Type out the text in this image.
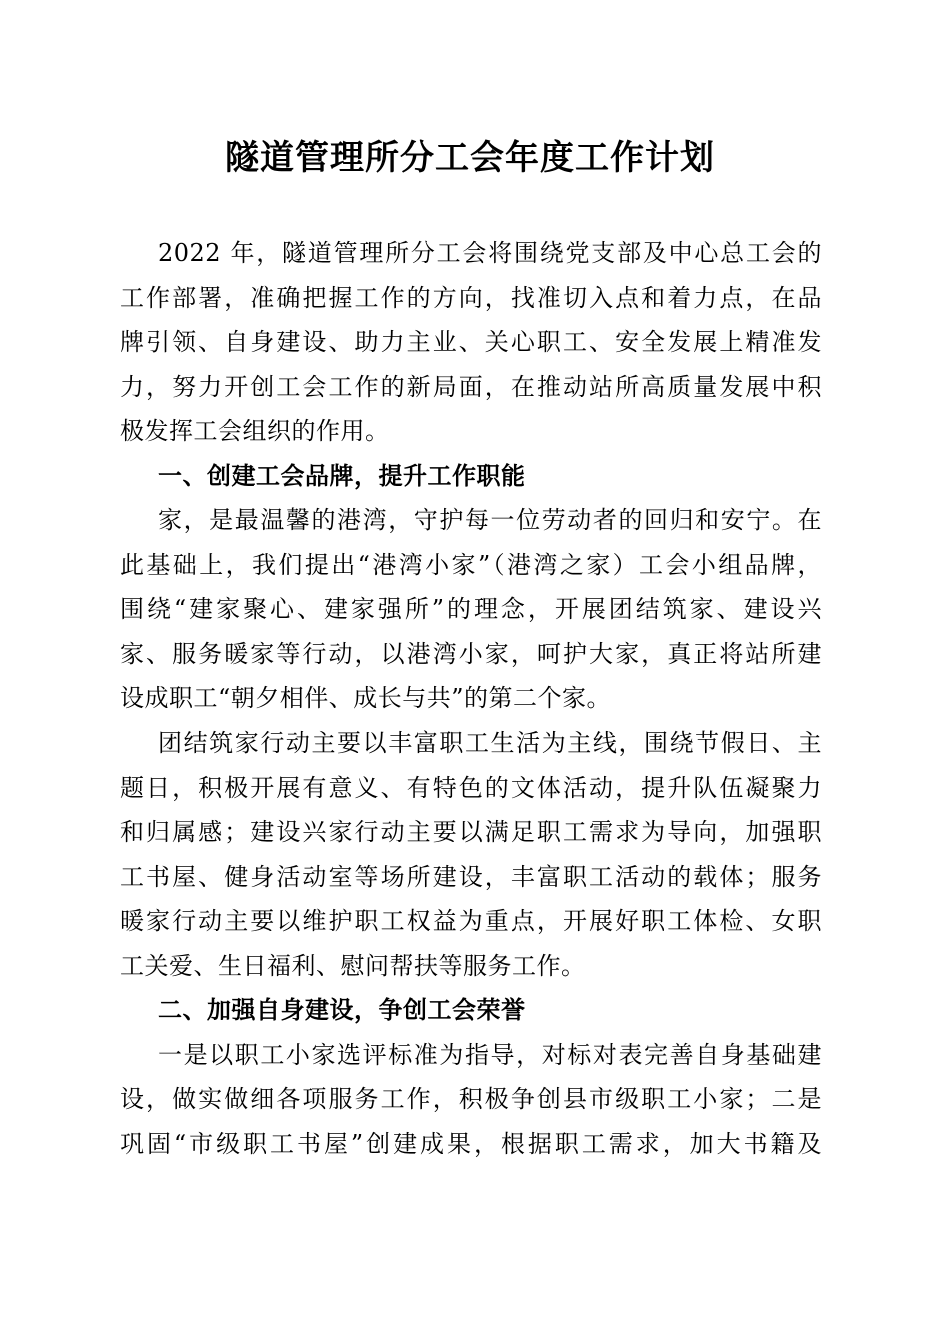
隧道管理所分工会年度工作计划
2022 年，隧道管理所分工会将围绕党支部及中心总工会的
工作部署，准确把握工作的方向，找准切入点和着力点，在品
牌引领、自身建设、助力主业、关心职工、安全发展上精准发
力，努力开创工会工作的新局面，在推动站所高质量发展中积
极发挥工会组织的作用。
一、创建工会品牌，提升工作职能
家，是最温馨的港湾，守护每一位劳动者的回归和安宁。在
此基础上，我们提出“港湾小家”（港湾之家）工会小组品牌，
围绕“建家聚心、建家强所”的理念，开展团结筑家、建设兴
家、服务暖家等行动，以港湾小家，呵护大家，真正将站所建
设成职工“朝夕相伴、成长与共”的第二个家。
团结筑家行动主要以丰富职工生活为主线，围绕节假日、主
题日，积极开展有意义、有特色的文体活动，提升队伍凝聚力
和归属感；建设兴家行动主要以满足职工需求为导向，加强职
工书屋、健身活动室等场所建设，丰富职工活动的载体；服务
暖家行动主要以维护职工权益为重点，开展好职工体检、女职
工关爱、生日福利、慰问帮扶等服务工作。
二、加强自身建设，争创工会荣誉
一是以职工小家选评标准为指导，对标对表完善自身基础建
设，做实做细各项服务工作，积极争创县市级职工小家；二是
巩固“市级职工书屋”创建成果，根据职工需求，加大书籍及
